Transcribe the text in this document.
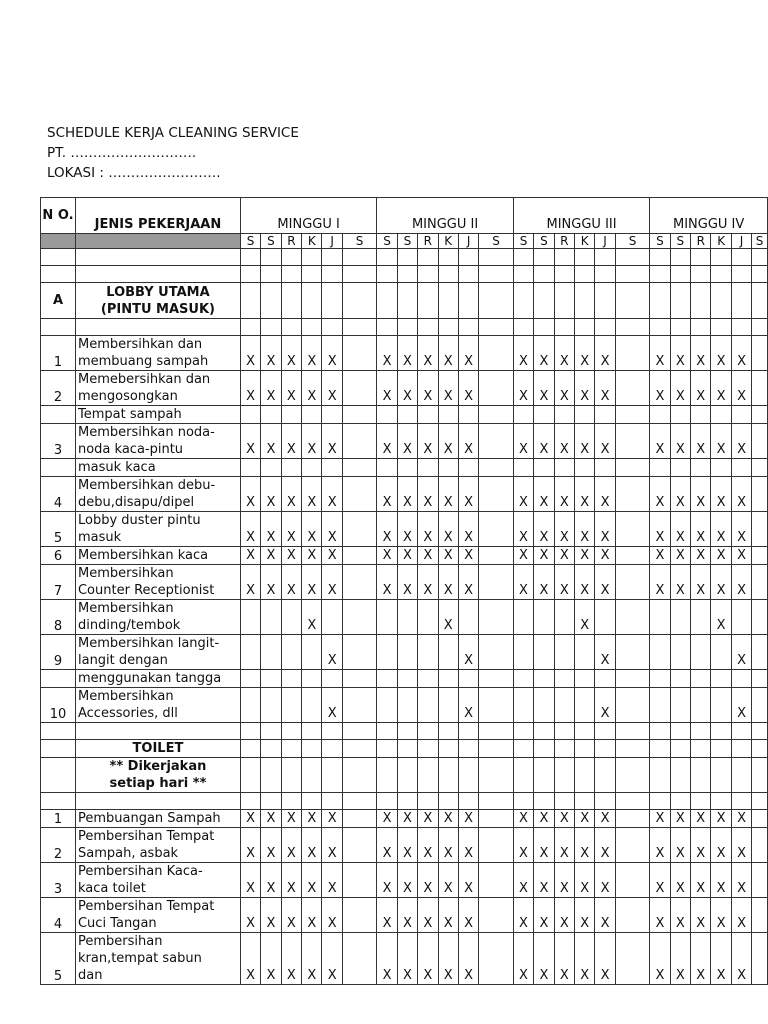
SCHEDULE KERJA CLEANING SERVICE
PT. ……………………….
LOKASI : …………………….
N O.	JENIS PEKERJAAN	MINGGU I						MINGGU II						MINGGU III						MINGGU IV					
		S	S	R	K	J	S	S	S	R	K	J	S	S	S	R	K	J	S	S	S	R	K	J	S

A	LOBBY UTAMA
(PINTU MASUK)																								

1	Membersihkan dan
membuang sampah	X	X	X	X	X		X	X	X	X	X		X	X	X	X	X		X	X	X	X	X	
2	Memebersihkan dan
mengosongkan	X	X	X	X	X		X	X	X	X	X		X	X	X	X	X		X	X	X	X	X	

	Tempat sampah																								

3	Membersihkan noda-
noda kaca-pintu	X	X	X	X	X		X	X	X	X	X		X	X	X	X	X		X	X	X	X	X	

	masuk kaca																								

4	Membersihkan debu-
debu,disapu/dipel	X	X	X	X	X		X	X	X	X	X		X	X	X	X	X		X	X	X	X	X	
5	Lobby duster pintu
masuk	X	X	X	X	X		X	X	X	X	X		X	X	X	X	X		X	X	X	X	X	
6	Membersihkan kaca	X	X	X	X	X		X	X	X	X	X		X	X	X	X	X		X	X	X	X	X	
7	Membersihkan
Counter Receptionist	X	X	X	X	X		X	X	X	X	X		X	X	X	X	X		X	X	X	X	X	
8	Membersihkan
dinding/tembok				X						X						X						X		
9	Membersihkan langit-
langit dengan					X						X						X						X	

	menggunakan tangga																								

10	Membersihkan
Accessories, dll					X						X						X						X	

	TOILET																								

	** Dikerjakan
setiap hari **																								

1	Pembuangan Sampah	X	X	X	X	X		X	X	X	X	X		X	X	X	X	X		X	X	X	X	X	
2	Pembersihan Tempat
Sampah, asbak	X	X	X	X	X		X	X	X	X	X		X	X	X	X	X		X	X	X	X	X	
3	Pembersihan Kaca-
kaca toilet	X	X	X	X	X		X	X	X	X	X		X	X	X	X	X		X	X	X	X	X	
4	Pembersihan Tempat
Cuci Tangan	X	X	X	X	X		X	X	X	X	X		X	X	X	X	X		X	X	X	X	X	
5	Pembersihan
kran,tempat sabun
dan	X	X	X	X	X		X	X	X	X	X		X	X	X	X	X		X	X	X	X	X	
